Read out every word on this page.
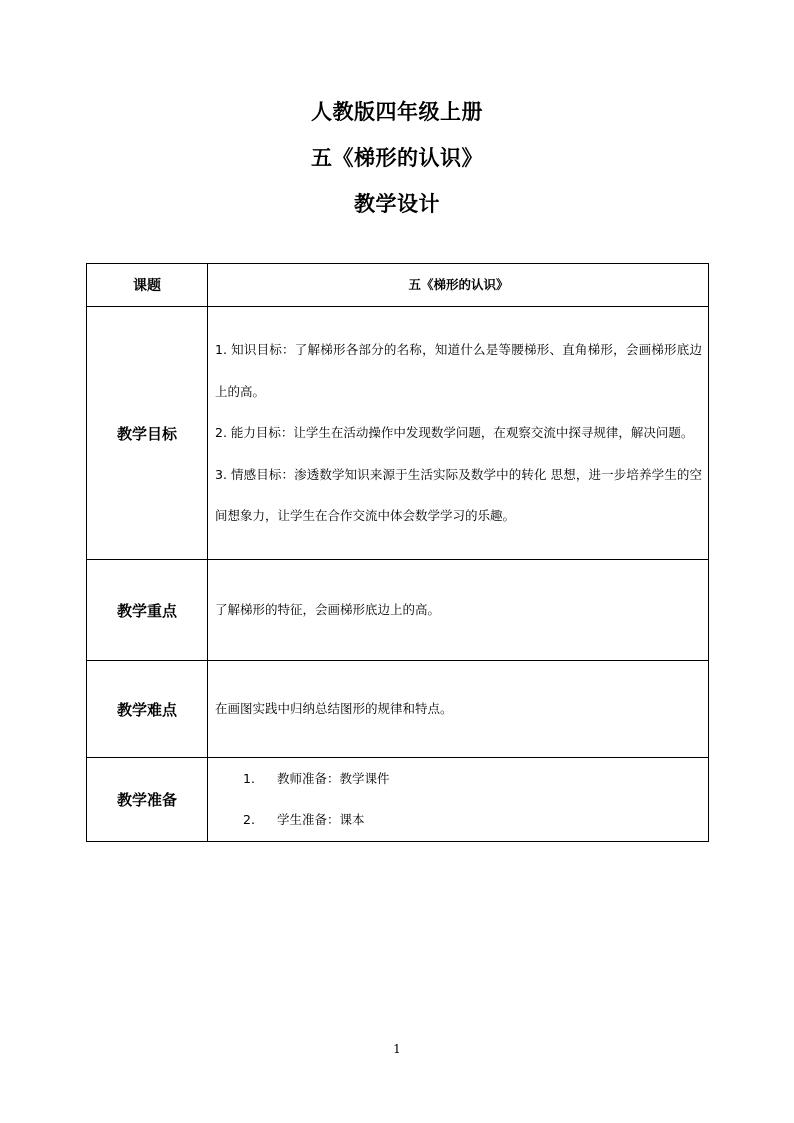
人教版四年级上册
五《梯形的认识》
教学设计
课题	五《梯形的认识》
教学目标	1. 知识目标：了解梯形各部分的名称，知道什么是等腰梯形、直角梯形，会画梯形底边上的高。

2. 能力目标：让学生在活动操作中发现数学问题，在观察交流中探寻规律，解决问题。

3. 情感目标：渗透数学知识来源于生活实际及数学中的转化 思想，进一步培养学生的空间想象力，让学生在合作交流中体会数学学习的乐趣。

教学重点	了解梯形的特征，会画梯形底边上的高。
教学难点	在画图实践中归纳总结图形的规律和特点。
教学准备	1. 教师准备：教学课件
2. 学生准备：课本
1
